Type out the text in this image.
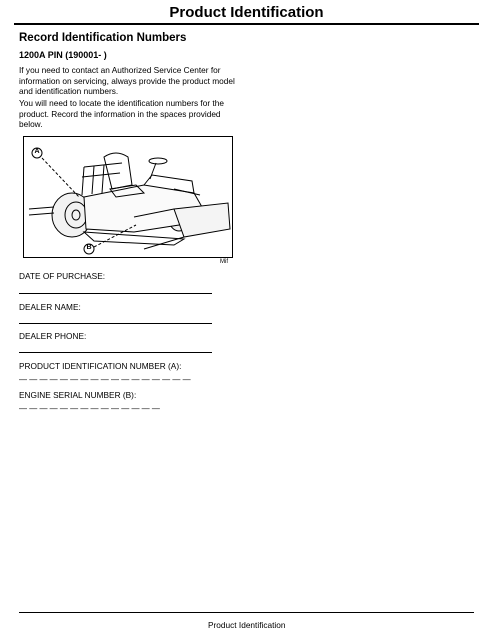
Product Identification
Record Identification Numbers
1200A PIN (190001- )
If you need to contact an Authorized Service Center for information on servicing, always provide the product model and identification numbers.
You will need to locate the identification numbers for the product. Record the information in the spaces provided below.
A
B
Mif
DATE OF PURCHASE:
DEALER NAME:
DEALER PHONE:
PRODUCT IDENTIFICATION NUMBER (A):
— — — — — — — — — — — — — — — — —
ENGINE SERIAL NUMBER (B):
— — — — — — — — — — — — — —
Product Identification
